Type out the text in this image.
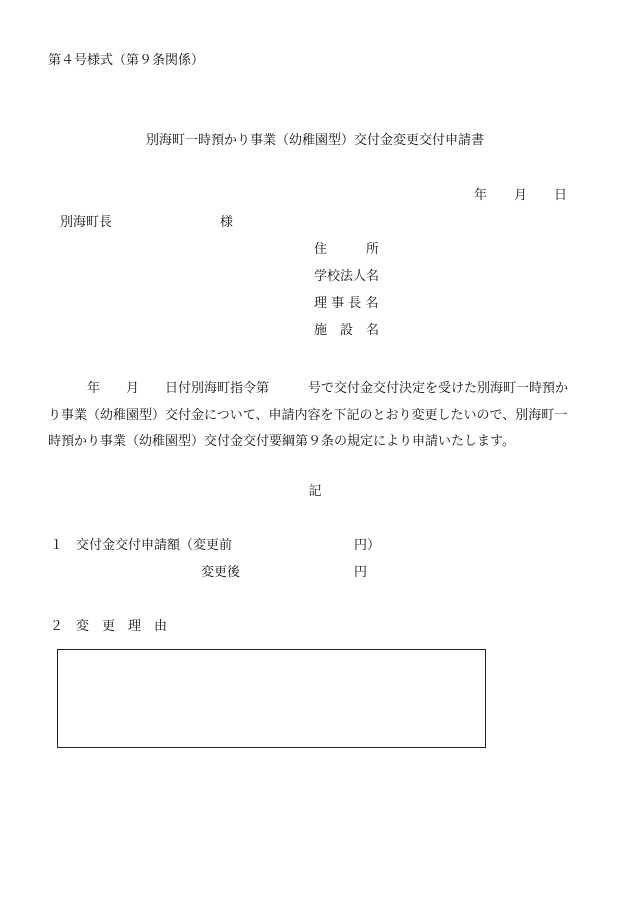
第４号様式（第９条関係）
別海町一時預かり事業（幼稚園型）交付金変更交付申請書
年 月 日
別海町長	様
住　　　所
学校法人名
理 事 長 名
施　設　名

　　　年　　月　　日付別海町指令第　　　号で交付金交付決定を受けた別海町一時預か

り事業（幼稚園型）交付金について、申請内容を下記のとおり変更したいので、別海町一

時預かり事業（幼稚園型）交付金交付要綱第９条の規定により申請いたします。

記
１　交付金交付申請額（変更前	円）
変更後	円
２　変　更　理　由
